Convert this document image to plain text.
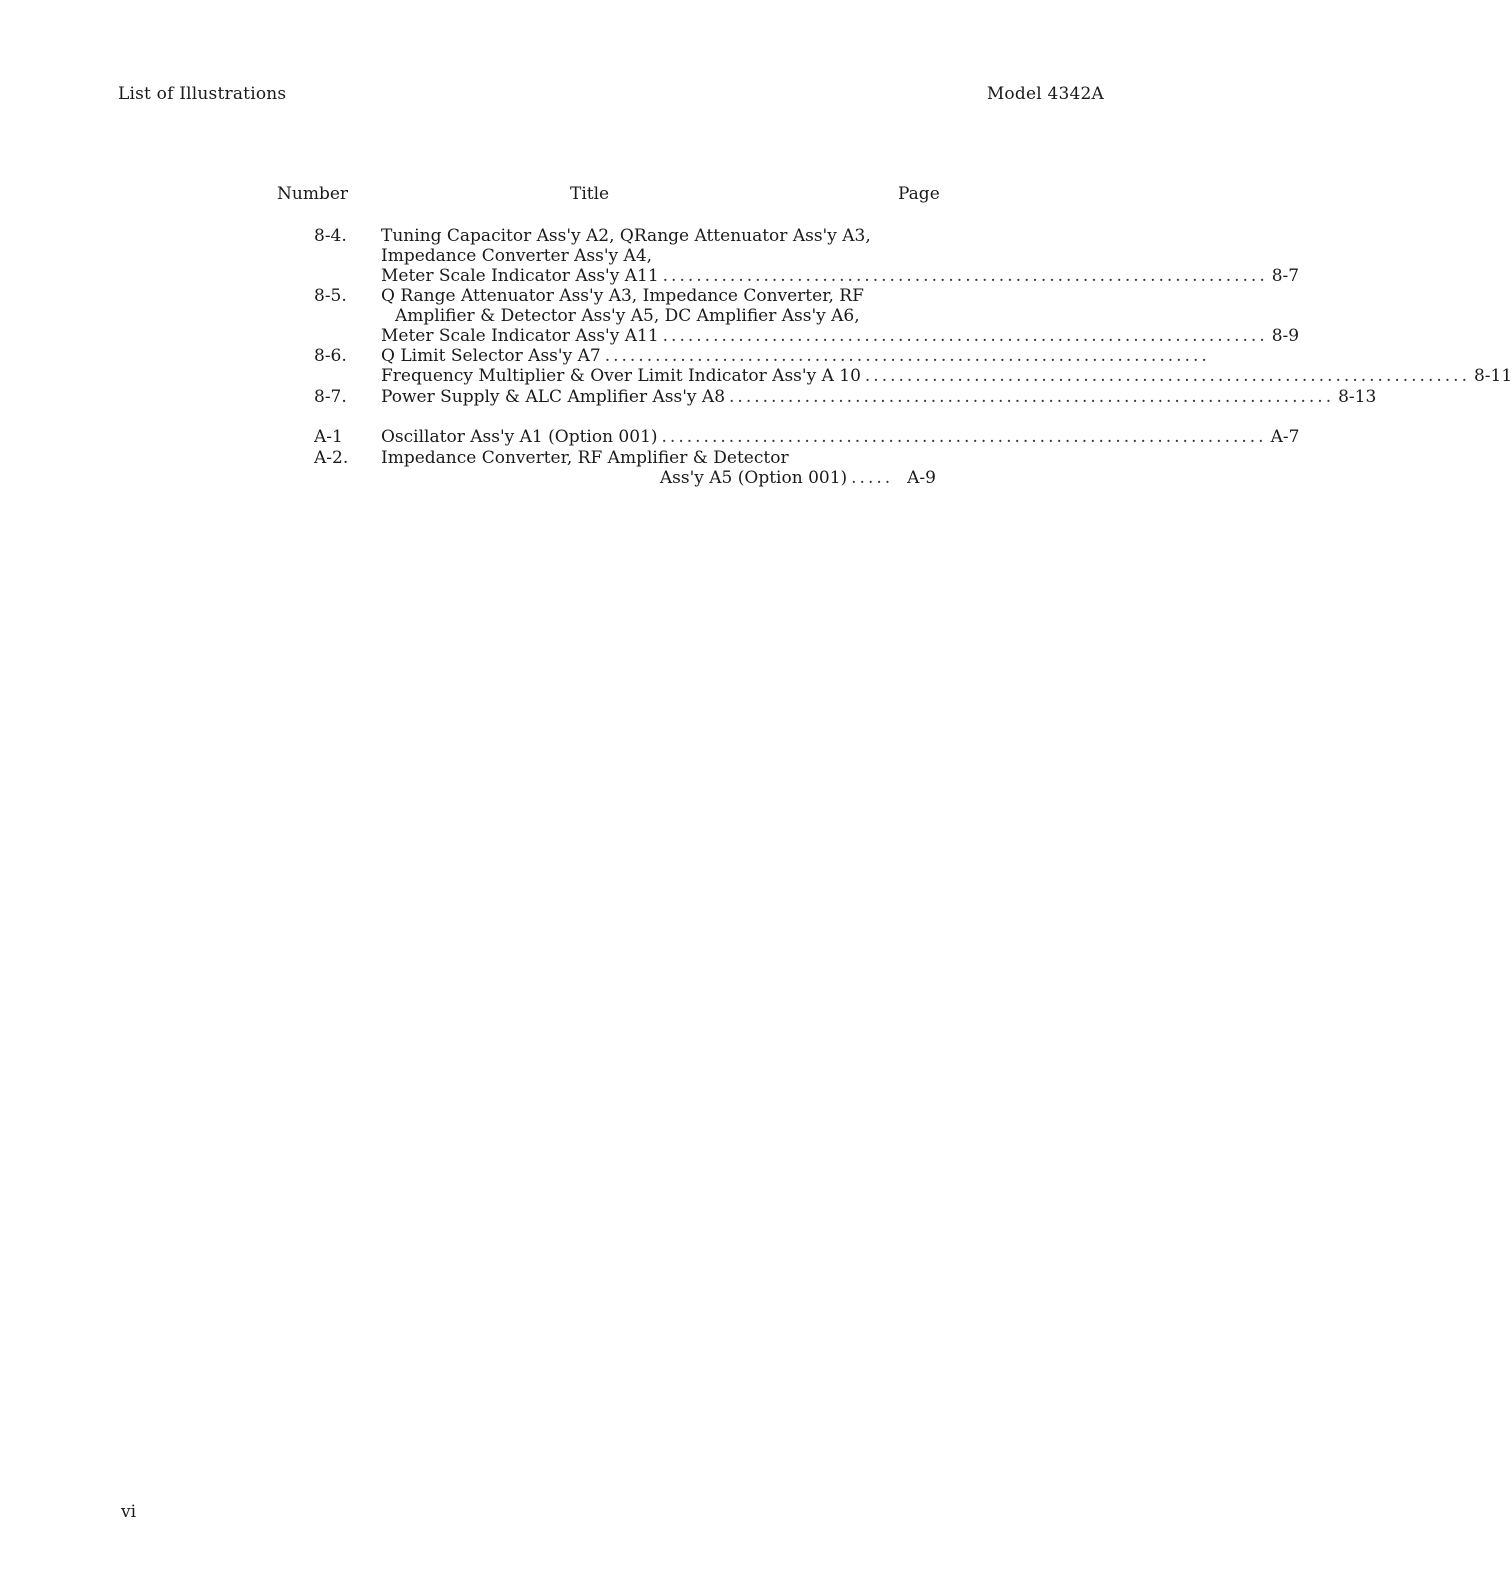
List of Illustrations	Model 4342A
Number	Title	Page
8-4. Tuning Capacitor Ass'y A2, QRange Attenuator Ass'y A3,
Impedance Converter Ass'y A4,
Meter Scale Indicator Ass'y A11 ........................................................................ 8-7
8-5. Q Range Attenuator Ass'y A3, Impedance Converter, RF
Amplifier & Detector Ass'y A5, DC Amplifier Ass'y A6,
Meter Scale Indicator Ass'y A11 ........................................................................ 8-9
8-6. Q Limit Selector Ass'y A7 ........................................................................
Frequency Multiplier & Over Limit Indicator Ass'y A 10 ........................................................................ 8-11
8-7. Power Supply & ALC Amplifier Ass'y A8 ........................................................................ 8-13
A-1 Oscillator Ass'y A1 (Option 001) ........................................................................ A-7
A-2. Impedance Converter, RF Amplifier & Detector
Ass'y A5 (Option 001) ..... A-9
vi
